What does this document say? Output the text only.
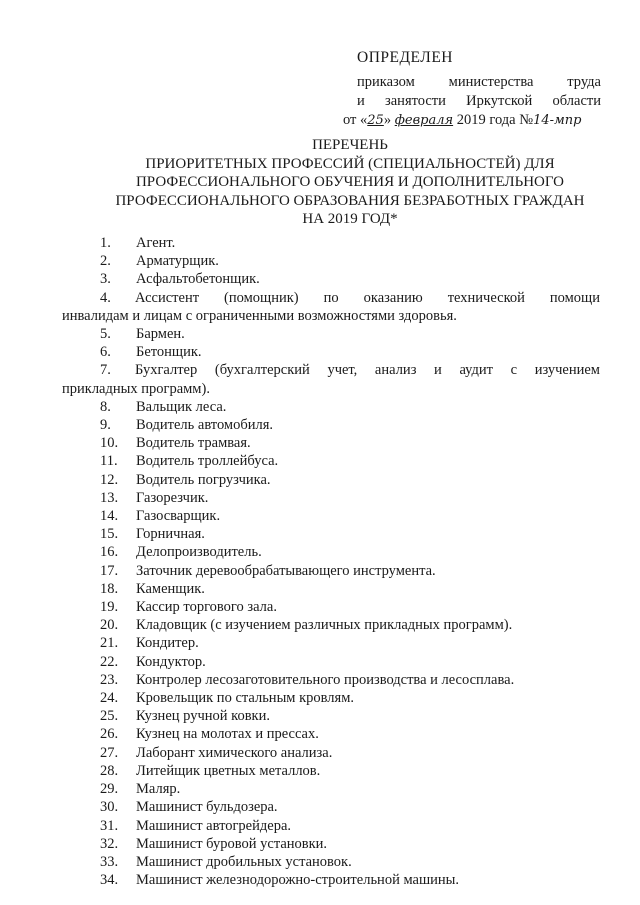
ОПРЕДЕЛЕН
приказом министерства труда
и занятости Иркутской области
от «25» февраля 2019 года №14-мпр
ПЕРЕЧЕНЬ
ПРИОРИТЕТНЫХ ПРОФЕССИЙ (СПЕЦИАЛЬНОСТЕЙ) ДЛЯ
ПРОФЕССИОНАЛЬНОГО ОБУЧЕНИЯ И ДОПОЛНИТЕЛЬНОГО
ПРОФЕССИОНАЛЬНОГО ОБРАЗОВАНИЯ БЕЗРАБОТНЫХ ГРАЖДАН
НА 2019 ГОД*
1.	Агент.
2.	Арматурщик.
3.	Асфальтобетонщик.
4.	Ассистент (помощник) по оказанию технической помощи
инвалидам и лицам с ограниченными возможностями здоровья.
5.	Бармен.
6.	Бетонщик.
7.	Бухгалтер (бухгалтерский учет, анализ и аудит с изучением
прикладных программ).
8.	Вальщик леса.
9.	Водитель автомобиля.
10.	Водитель трамвая.
11.	Водитель троллейбуса.
12.	Водитель погрузчика.
13.	Газорезчик.
14.	Газосварщик.
15.	Горничная.
16.	Делопроизводитель.
17.	Заточник деревообрабатывающего инструмента.
18.	Каменщик.
19.	Кассир торгового зала.
20.	Кладовщик (с изучением различных прикладных программ).
21.	Кондитер.
22.	Кондуктор.
23.	Контролер лесозаготовительного производства и лесосплава.
24.	Кровельщик по стальным кровлям.
25.	Кузнец ручной ковки.
26.	Кузнец на молотах и прессах.
27.	Лаборант химического анализа.
28.	Литейщик цветных металлов.
29.	Маляр.
30.	Машинист бульдозера.
31.	Машинист автогрейдера.
32.	Машинист буровой установки.
33.	Машинист дробильных установок.
34.	Машинист железнодорожно-строительной машины.
